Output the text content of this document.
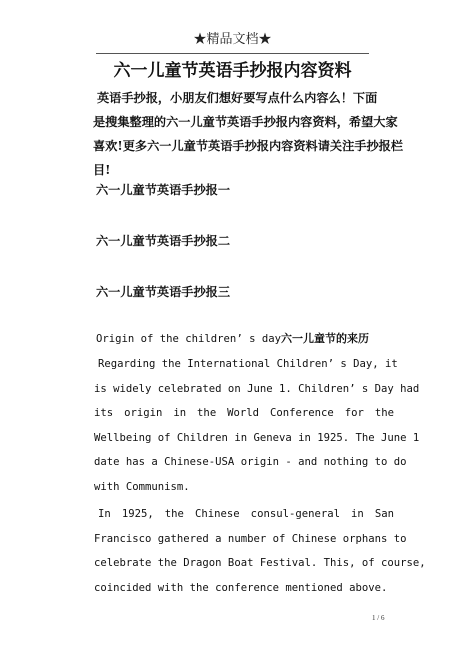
★精品文档★
六一儿童节英语手抄报内容资料
英语手抄报，小朋友们想好要写点什么内容么！下面
是搜集整理的六一儿童节英语手抄报内容资料，希望大家
喜欢!更多六一儿童节英语手抄报内容资料请关注手抄报栏
目!
六一儿童节英语手抄报一
六一儿童节英语手抄报二
六一儿童节英语手抄报三
Origin of the children’ s day六一儿童节的来历
Regarding the International Children’ s Day, it
is widely celebrated on June 1. Children’ s Day had
its origin in the World Conference for the
Wellbeing of Children in Geneva in 1925. The June 1
date has a Chinese-USA origin - and nothing to do
with Communism.
In 1925, the Chinese consul-general in San
Francisco gathered a number of Chinese orphans to
celebrate the Dragon Boat Festival. This, of course,
coincided with the conference mentioned above.
1 / 6
